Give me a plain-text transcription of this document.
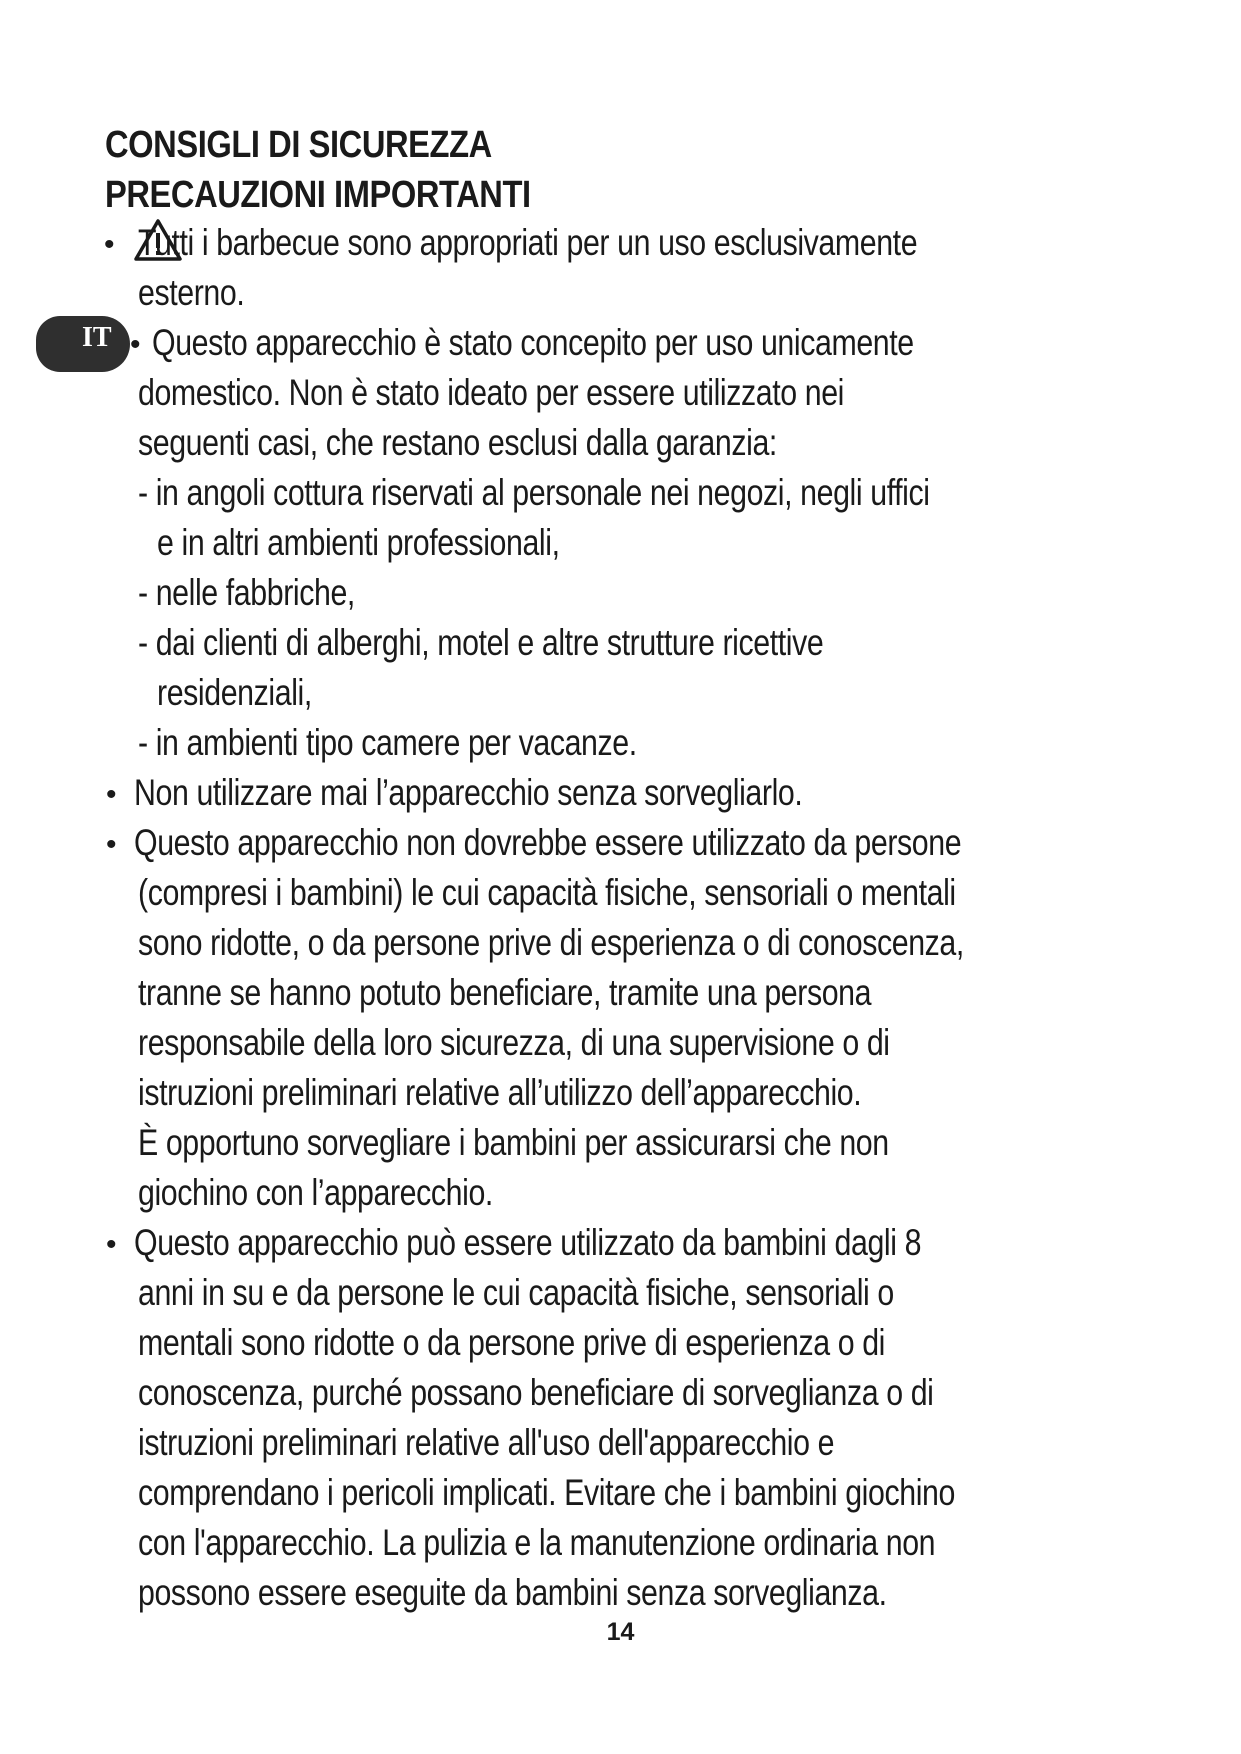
CONSIGLI DI SICUREZZA
PRECAUZIONI IMPORTANTI
IT
• Tutti i barbecue sono appropriati per un uso esclusivamente
esterno.
• Questo apparecchio è stato concepito per uso unicamente
domestico. Non è stato ideato per essere utilizzato nei
seguenti casi, che restano esclusi dalla garanzia:
- in angoli cottura riservati al personale nei negozi, negli uffici
e in altri ambienti professionali,
- nelle fabbriche,
- dai clienti di alberghi, motel e altre strutture ricettive
residenziali,
- in ambienti tipo camere per vacanze.
• Non utilizzare mai l’apparecchio senza sorvegliarlo.
• Questo apparecchio non dovrebbe essere utilizzato da persone
(compresi i bambini) le cui capacità fisiche, sensoriali o mentali
sono ridotte, o da persone prive di esperienza o di conoscenza,
tranne se hanno potuto beneficiare, tramite una persona
responsabile della loro sicurezza, di una supervisione o di
istruzioni preliminari relative all’utilizzo dell’apparecchio.
È opportuno sorvegliare i bambini per assicurarsi che non
giochino con l’apparecchio.
• Questo apparecchio può essere utilizzato da bambini dagli 8
anni in su e da persone le cui capacità fisiche, sensoriali o
mentali sono ridotte o da persone prive di esperienza o di
conoscenza, purché possano beneficiare di sorveglianza o di
istruzioni preliminari relative all'uso dell'apparecchio e
comprendano i pericoli implicati. Evitare che i bambini giochino
con l'apparecchio. La pulizia e la manutenzione ordinaria non
possono essere eseguite da bambini senza sorveglianza.
14
